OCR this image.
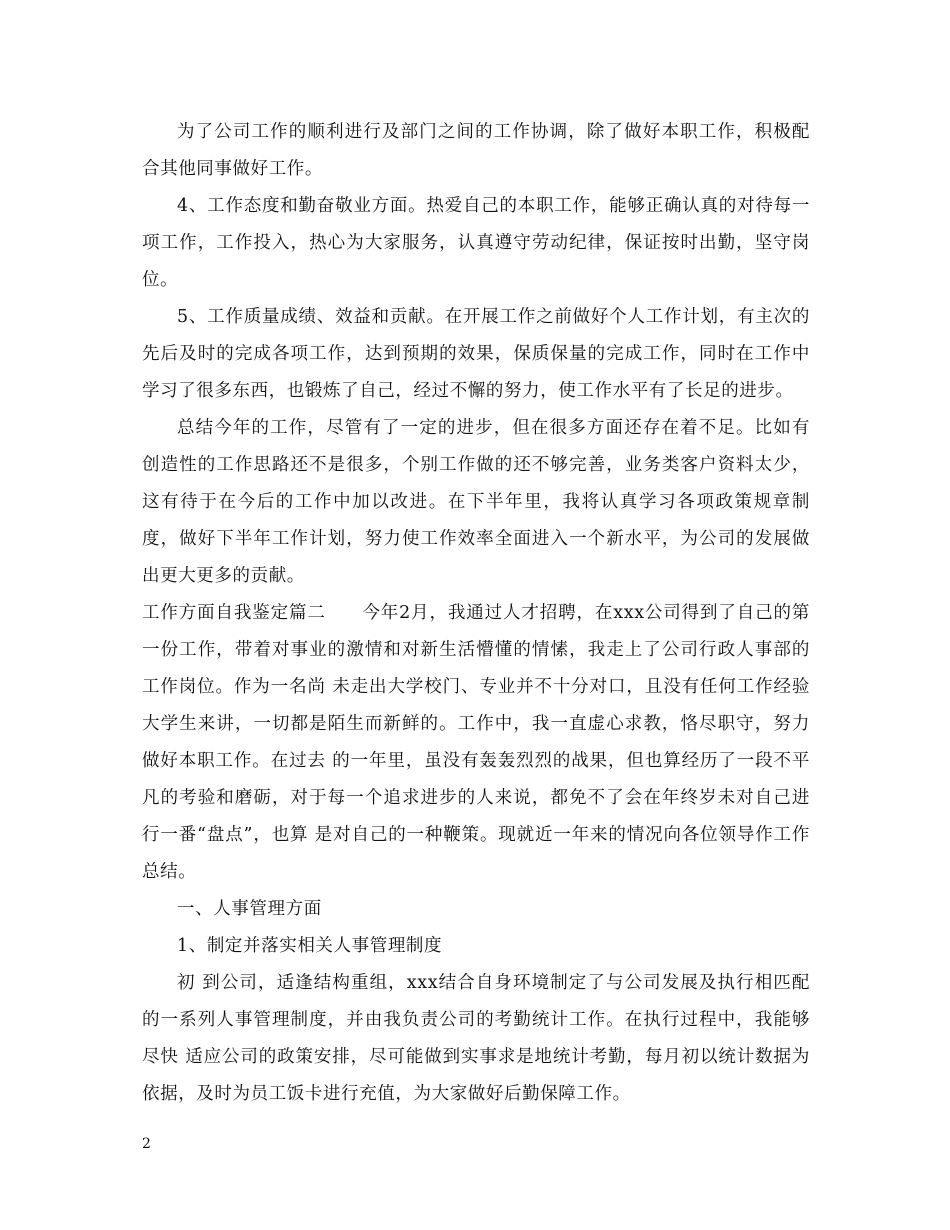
为了公司工作的顺利进行及部门之间的工作协调，除了做好本职工作，积极配合其他同事做好工作。

4、工作态度和勤奋敬业方面。热爱自己的本职工作，能够正确认真的对待每一项工作，工作投入，热心为大家服务，认真遵守劳动纪律，保证按时出勤，坚守岗位。

5、工作质量成绩、效益和贡献。在开展工作之前做好个人工作计划，有主次的先后及时的完成各项工作，达到预期的效果，保质保量的完成工作，同时在工作中学习了很多东西，也锻炼了自己，经过不懈的努力，使工作水平有了长足的进步。

总结今年的工作，尽管有了一定的进步，但在很多方面还存在着不足。比如有创造性的工作思路还不是很多，个别工作做的还不够完善，业务类客户资料太少，这有待于在今后的工作中加以改进。在下半年里，我将认真学习各项政策规章制度，做好下半年工作计划，努力使工作效率全面进入一个新水平，为公司的发展做出更大更多的贡献。

工作方面自我鉴定篇二　　今年2月，我通过人才招聘，在xxx公司得到了自己的第一份工作，带着对事业的激情和对新生活懵懂的情愫，我走上了公司行政人事部的工作岗位。作为一名尚 未走出大学校门、专业并不十分对口，且没有任何工作经验大学生来讲，一切都是陌生而新鲜的。工作中，我一直虚心求教，恪尽职守，努力做好本职工作。在过去 的一年里，虽没有轰轰烈烈的战果，但也算经历了一段不平凡的考验和磨砺，对于每一个追求进步的人来说，都免不了会在年终岁未对自己进行一番“盘点”，也算 是对自己的一种鞭策。现就近一年来的情况向各位领导作工作总结。

一、人事管理方面

1、制定并落实相关人事管理制度

初 到公司，适逢结构重组，xxx结合自身环境制定了与公司发展及执行相匹配的一系列人事管理制度，并由我负责公司的考勤统计工作。在执行过程中，我能够尽快 适应公司的政策安排，尽可能做到实事求是地统计考勤，每月初以统计数据为依据，及时为员工饭卡进行充值，为大家做好后勤保障工作。

2
